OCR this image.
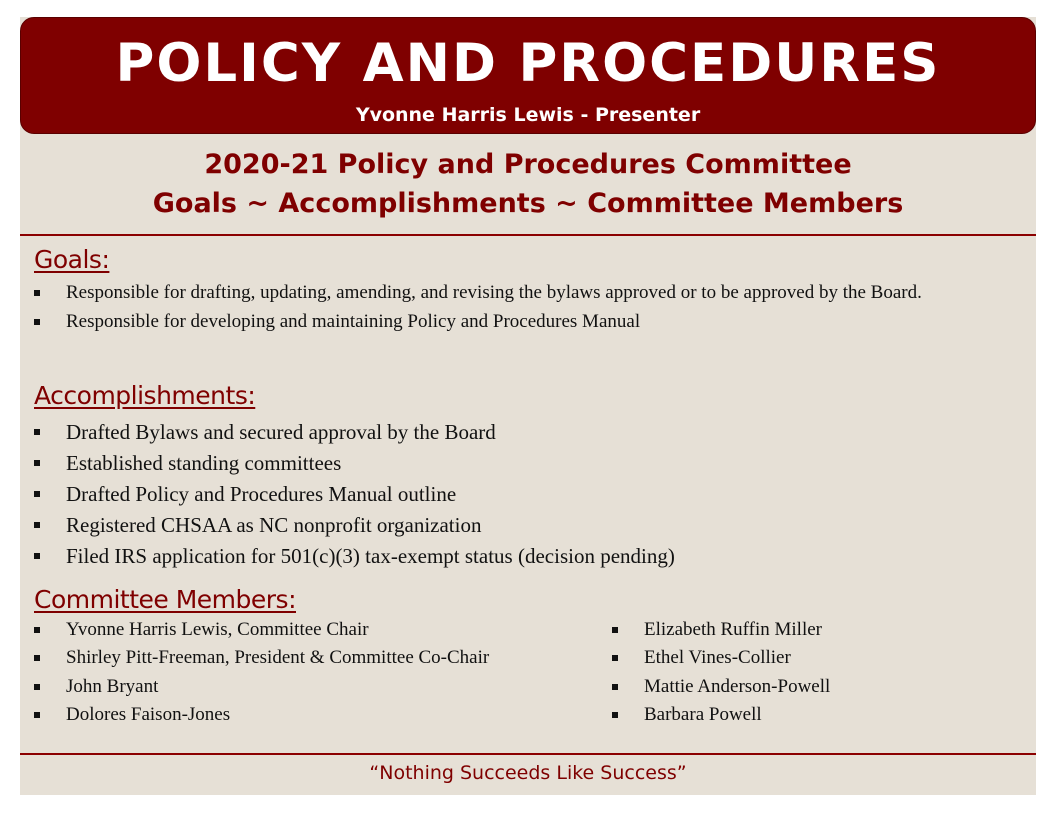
POLICY AND PROCEDURES
Yvonne Harris Lewis - Presenter
2020-21 Policy and Procedures Committee
Goals ~ Accomplishments ~ Committee Members
Goals:
Responsible for drafting, updating, amending, and revising the bylaws approved or to be approved by the Board.
Responsible for developing and maintaining Policy and Procedures Manual
Accomplishments:
Drafted Bylaws and secured approval by the Board
Established standing committees
Drafted Policy and Procedures Manual outline
Registered CHSAA as NC nonprofit organization
Filed IRS application for 501(c)(3) tax-exempt status (decision pending)
Committee Members:
Yvonne Harris Lewis, Committee Chair
Shirley Pitt-Freeman, President & Committee Co-Chair
John Bryant
Dolores Faison-Jones
Elizabeth Ruffin Miller
Ethel Vines-Collier
Mattie Anderson-Powell
Barbara Powell
“Nothing Succeeds Like Success”
